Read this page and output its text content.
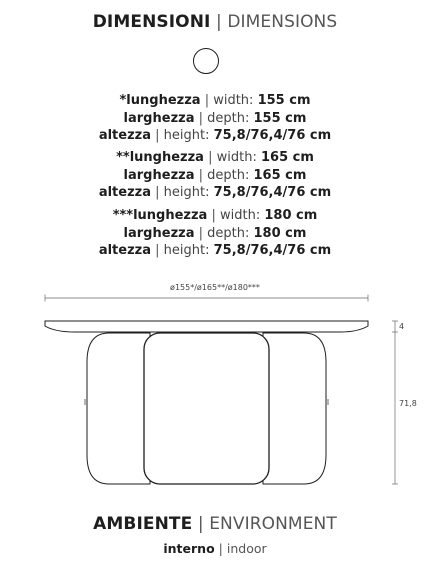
DIMENSIONI | DIMENSIONS
*lunghezza | width: 155 cm
larghezza | depth: 155 cm
altezza | height: 75,8/76,4/76 cm
**lunghezza | width: 165 cm
larghezza | depth: 165 cm
altezza | height: 75,8/76,4/76 cm
***lunghezza | width: 180 cm
larghezza | depth: 180 cm
altezza | height: 75,8/76,4/76 cm
ø155*/ø165**/ø180***
4
71,8
AMBIENTE | ENVIRONMENT
interno | indoor
